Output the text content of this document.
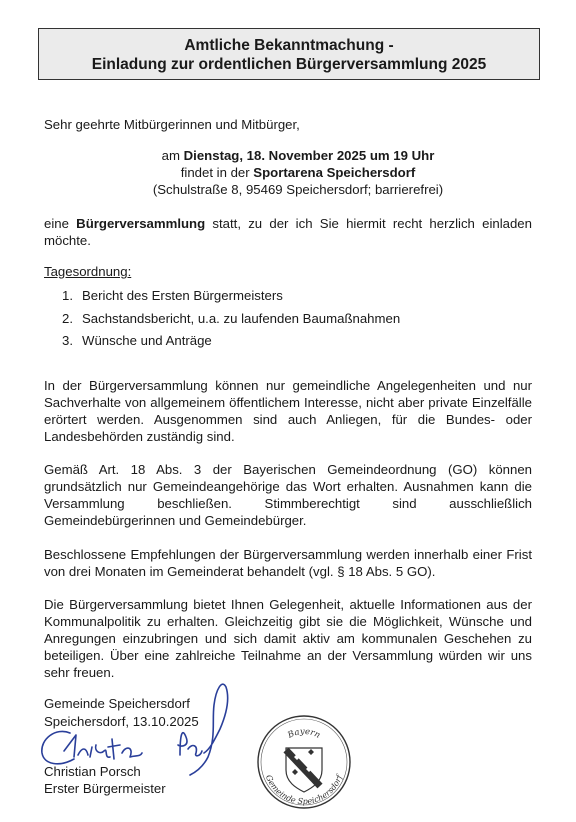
Amtliche Bekanntmachung -
Einladung zur ordentlichen Bürgerversammlung 2025
Sehr geehrte Mitbürgerinnen und Mitbürger,
am Dienstag, 18. November 2025 um 19 Uhr
findet in der Sportarena Speichersdorf
(Schulstraße 8, 95469 Speichersdorf; barrierefrei)
eine Bürgerversammlung statt, zu der ich Sie hiermit recht herzlich einladen möchte.
Tagesordnung:
1. Bericht des Ersten Bürgermeisters
2. Sachstandsbericht, u.a. zu laufenden Baumaßnahmen
3. Wünsche und Anträge
In der Bürgerversammlung können nur gemeindliche Angelegenheiten und nur Sachverhalte von allgemeinem öffentlichem Interesse, nicht aber private Einzelfälle erörtert werden. Ausgenommen sind auch Anliegen, für die Bundes- oder Landesbehörden zuständig sind.
Gemäß Art. 18 Abs. 3 der Bayerischen Gemeindeordnung (GO) können grundsätzlich nur Gemeindeangehörige das Wort erhalten. Ausnahmen kann die Versammlung beschließen. Stimmberechtigt sind ausschließlich Gemeindebürgerinnen und Gemeindebürger.
Beschlossene Empfehlungen der Bürgerversammlung werden innerhalb einer Frist von drei Monaten im Gemeinderat behandelt (vgl. § 18 Abs. 5 GO).
Die Bürgerversammlung bietet Ihnen Gelegenheit, aktuelle Informationen aus der Kommunalpolitik zu erhalten. Gleichzeitig gibt sie die Möglichkeit, Wünsche und Anregungen einzubringen und sich damit aktiv am kommunalen Geschehen zu beteiligen. Über eine zahlreiche Teilnahme an der Versammlung würden wir uns sehr freuen.
Gemeinde Speichersdorf
Speichersdorf, 13.10.2025
Christian Porsch
Erster Bürgermeister
Bayern
Gemeinde Speichersdorf
